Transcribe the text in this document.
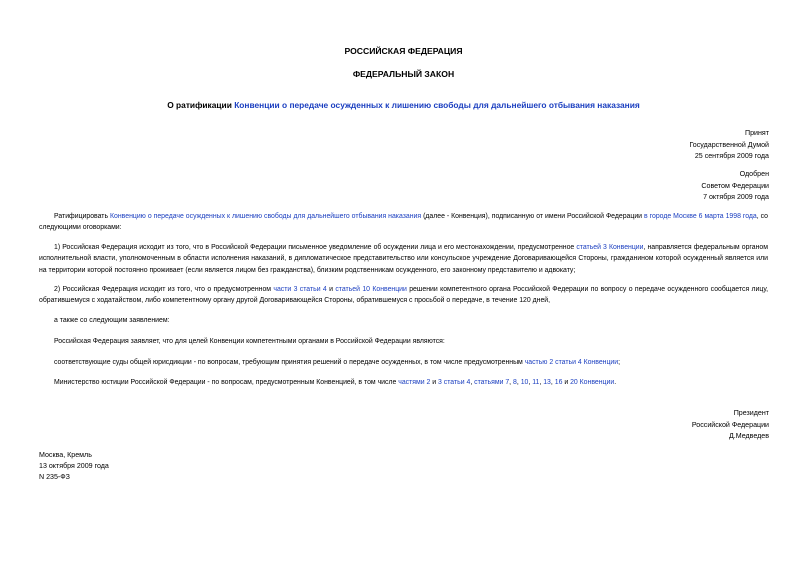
РОССИЙСКАЯ ФЕДЕРАЦИЯ
ФЕДЕРАЛЬНЫЙ ЗАКОН
О ратификации Конвенции о передаче осужденных к лишению свободы для дальнейшего отбывания наказания
Принят
Государственной Думой
25 сентября 2009 года
Одобрен
Советом Федерации
7 октября 2009 года
Ратифицировать Конвенцию о передаче осужденных к лишению свободы для дальнейшего отбывания наказания (далее - Конвенция), подписанную от имени Российской Федерации в городе Москве 6 марта 1998 года, со следующими оговорками:
1) Российская Федерация исходит из того, что в Российской Федерации письменное уведомление об осуждении лица и его местонахождении, предусмотренное статьей 3 Конвенции, направляется федеральным органом исполнительной власти, уполномоченным в области исполнения наказаний, в дипломатическое представительство или консульское учреждение Договаривающейся Стороны, гражданином которой осужденный является или на территории которой постоянно проживает (если является лицом без гражданства), близким родственникам осужденного, его законному представителю и адвокату;
2) Российская Федерация исходит из того, что о предусмотренном части 3 статьи 4 и статьей 10 Конвенции решении компетентного органа Российской Федерации по вопросу о передаче осужденного сообщается лицу, обратившемуся с ходатайством, либо компетентному органу другой Договаривающейся Стороны, обратившемуся с просьбой о передаче, в течение 120 дней,
а также со следующим заявлением:
Российская Федерация заявляет, что для целей Конвенции компетентными органами в Российской Федерации являются:
соответствующие суды общей юрисдикции - по вопросам, требующим принятия решений о передаче осужденных, в том числе предусмотренным частью 2 статьи 4 Конвенции;
Министерство юстиции Российской Федерации - по вопросам, предусмотренным Конвенцией, в том числе частями 2 и 3 статьи 4, статьями 7, 8, 10, 11, 13, 16 и 20 Конвенции.
Президент
Российской Федерации
Д.Медведев
Москва, Кремль
13 октября 2009 года
N 235-ФЗ
